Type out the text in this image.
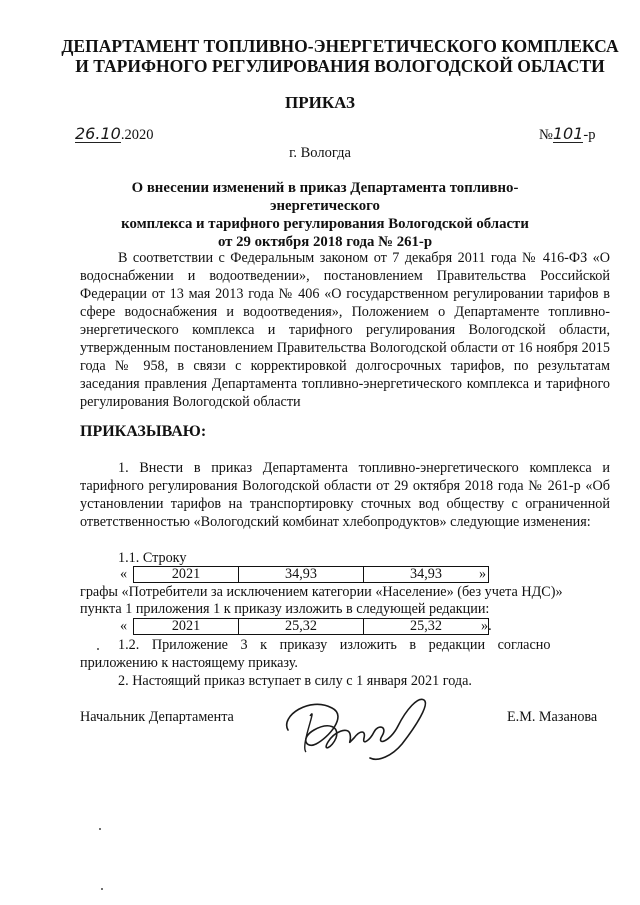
ДЕПАРТАМЕНТ ТОПЛИВНО-ЭНЕРГЕТИЧЕСКОГО КОМПЛЕКСА
И ТАРИФНОГО РЕГУЛИРОВАНИЯ ВОЛОГОДСКОЙ ОБЛАСТИ
ПРИКАЗ
26.10.2020	№101-р
г. Вологда
О внесении изменений в приказ Департамента топливно-энергетического
комплекса и тарифного регулирования Вологодской области
от 29 октября 2018 года № 261-р
В соответствии с Федеральным законом от 7 декабря 2011 года № 416-ФЗ «О водоснабжении и водоотведении», постановлением Правительства Российской Федерации от 13 мая 2013 года № 406 «О государственном регулировании тарифов в сфере водоснабжения и водоотведения», Положением о Департаменте топливно-энергетического комплекса и тарифного регулирования Вологодской области, утвержденным постановлением Правительства Вологодской области от 16 ноября 2015 года № 958, в связи с корректировкой долгосрочных тарифов, по результатам заседания правления Департамента топливно-энергетического комплекса и тарифного регулирования Вологодской области
ПРИКАЗЫВАЮ:
1. Внести в приказ Департамента топливно-энергетического комплекса и тарифного регулирования Вологодской области от 29 октября 2018 года № 261-р «Об установлении тарифов на транспортировку сточных вод обществу с ограниченной ответственностью «Вологодский комбинат хлебопродуктов» следующие изменения:
1.1. Строку
«	2021	34,93	34,93	»
графы «Потребители за исключением категории «Население» (без учета НДС)»
пункта 1 приложения 1 к приказу изложить в следующей редакции:
«	2021	25,32	25,32	».
1.2. Приложение 3 к приказу изложить в редакции согласно
приложению к настоящему приказу.
2. Настоящий приказ вступает в силу с 1 января 2021 года.
Начальник Департамента	Е.М. Мазанова
